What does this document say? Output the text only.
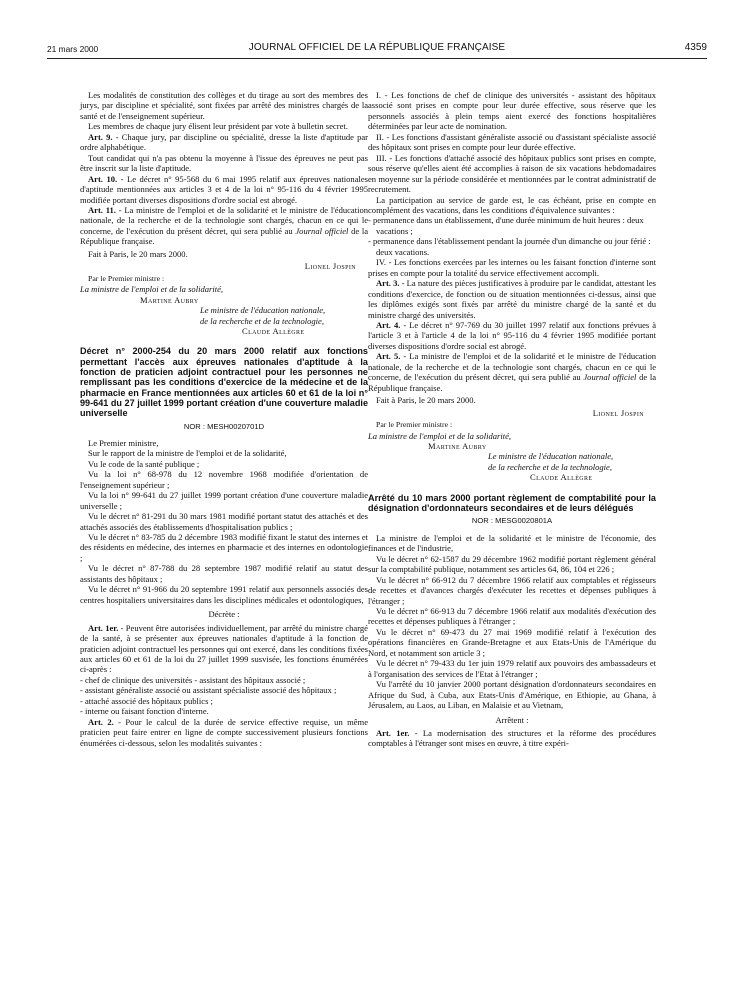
21 mars 2000	JOURNAL OFFICIEL DE LA RÉPUBLIQUE FRANÇAISE	4359

Les modalités de constitution des collèges et du tirage au sort des membres des jurys, par discipline et spécialité, sont fixées par arrêté des ministres chargés de la santé et de l'enseignement supérieur.

Les membres de chaque jury élisent leur président par vote à bulletin secret.

Art. 9. - Chaque jury, par discipline ou spécialité, dresse la liste d'aptitude par ordre alphabétique.

Tout candidat qui n'a pas obtenu la moyenne à l'issue des épreuves ne peut pas être inscrit sur la liste d'aptitude.

Art. 10. - Le décret n° 95-568 du 6 mai 1995 relatif aux épreuves nationales d'aptitude mentionnées aux articles 3 et 4 de la loi n° 95-116 du 4 février 1995 modifiée portant diverses dispositions d'ordre social est abrogé.

Art. 11. - La ministre de l'emploi et de la solidarité et le ministre de l'éducation nationale, de la recherche et de la technologie sont chargés, chacun en ce qui le concerne, de l'exécution du présent décret, qui sera publié au Journal officiel de la République française.

Fait à Paris, le 20 mars 2000.

Lionel Jospin

Par le Premier ministre :

La ministre de l'emploi et de la solidarité,

Martine Aubry

Le ministre de l'éducation nationale,

de la recherche et de la technologie,

Claude Allègre

Décret n° 2000-254 du 20 mars 2000 relatif aux fonctions permettant l'accès aux épreuves nationales d'aptitude à la fonction de praticien adjoint contractuel pour les personnes ne remplissant pas les conditions d'exercice de la médecine et de la pharmacie en France mentionnées aux articles 60 et 61 de la loi n° 99-641 du 27 juillet 1999 portant création d'une couverture maladie universelle

NOR : MESH0020701D

Le Premier ministre,

Sur le rapport de la ministre de l'emploi et de la solidarité,

Vu le code de la santé publique ;

Vu la loi n° 68-978 du 12 novembre 1968 modifiée d'orientation de l'enseignement supérieur ;

Vu la loi n° 99-641 du 27 juillet 1999 portant création d'une couverture maladie universelle ;

Vu le décret n° 81-291 du 30 mars 1981 modifié portant statut des attachés et des attachés associés des établissements d'hospitalisation publics ;

Vu le décret n° 83-785 du 2 décembre 1983 modifié fixant le statut des internes et des résidents en médecine, des internes en pharmacie et des internes en odontologie ;

Vu le décret n° 87-788 du 28 septembre 1987 modifié relatif au statut des assistants des hôpitaux ;

Vu le décret n° 91-966 du 20 septembre 1991 relatif aux personnels associés des centres hospitaliers universitaires dans les disciplines médicales et odontologiques,

Décrète :

Art. 1er. - Peuvent être autorisées individuellement, par arrêté du ministre chargé de la santé, à se présenter aux épreuves nationales d'aptitude à la fonction de praticien adjoint contractuel les personnes qui ont exercé, dans les conditions fixées aux articles 60 et 61 de la loi du 27 juillet 1999 susvisée, les fonctions énumérées ci-après :

- chef de clinique des universités - assistant des hôpitaux associé ;

- assistant généraliste associé ou assistant spécialiste associé des hôpitaux ;

- attaché associé des hôpitaux publics ;

- interne ou faisant fonction d'interne.

Art. 2. - Pour le calcul de la durée de service effective requise, un même praticien peut faire entrer en ligne de compte successivement plusieurs fonctions énumérées ci-dessous, selon les modalités suivantes :

I. - Les fonctions de chef de clinique des universités - assistant des hôpitaux associé sont prises en compte pour leur durée effective, sous réserve que les personnels associés à plein temps aient exercé des fonctions hospitalières déterminées par leur acte de nomination.

II. - Les fonctions d'assistant généraliste associé ou d'assistant spécialiste associé des hôpitaux sont prises en compte pour leur durée effective.

III. - Les fonctions d'attaché associé des hôpitaux publics sont prises en compte, sous réserve qu'elles aient été accomplies à raison de six vacations hebdomadaires en moyenne sur la période considérée et mentionnées par le contrat administratif de recrutement.

La participation au service de garde est, le cas échéant, prise en compte en complément des vacations, dans les conditions d'équivalence suivantes :

- permanence dans un établissement, d'une durée minimum de huit heures : deux vacations ;

- permanence dans l'établissement pendant la journée d'un dimanche ou jour férié : deux vacations.

IV. - Les fonctions exercées par les internes ou les faisant fonction d'interne sont prises en compte pour la totalité du service effectivement accompli.

Art. 3. - La nature des pièces justificatives à produire par le candidat, attestant les conditions d'exercice, de fonction ou de situation mentionnées ci-dessus, ainsi que les diplômes exigés sont fixés par arrêté du ministre chargé de la santé et du ministre chargé des universités.

Art. 4. - Le décret n° 97-769 du 30 juillet 1997 relatif aux fonctions prévues à l'article 3 et à l'article 4 de la loi n° 95-116 du 4 février 1995 modifiée portant diverses dispositions d'ordre social est abrogé.

Art. 5. - La ministre de l'emploi et de la solidarité et le ministre de l'éducation nationale, de la recherche et de la technologie sont chargés, chacun en ce qui le concerne, de l'exécution du présent décret, qui sera publié au Journal officiel de la République française.

Fait à Paris, le 20 mars 2000.

Lionel Jospin

Par le Premier ministre :

La ministre de l'emploi et de la solidarité,

Martine Aubry

Le ministre de l'éducation nationale,

de la recherche et de la technologie,

Claude Allègre

Arrêté du 10 mars 2000 portant règlement de comptabilité pour la désignation d'ordonnateurs secondaires et de leurs délégués

NOR : MESG0020801A

La ministre de l'emploi et de la solidarité et le ministre de l'économie, des finances et de l'industrie,

Vu le décret n° 62-1587 du 29 décembre 1962 modifié portant règlement général sur la comptabilité publique, notamment ses articles 64, 86, 104 et 226 ;

Vu le décret n° 66-912 du 7 décembre 1966 relatif aux comptables et régisseurs de recettes et d'avances chargés d'exécuter les recettes et dépenses publiques à l'étranger ;

Vu le décret n° 66-913 du 7 décembre 1966 relatif aux modalités d'exécution des recettes et dépenses publiques à l'étranger ;

Vu le décret n° 69-473 du 27 mai 1969 modifié relatif à l'exécution des opérations financières en Grande-Bretagne et aux Etats-Unis de l'Amérique du Nord, et notamment son article 3 ;

Vu le décret n° 79-433 du 1er juin 1979 relatif aux pouvoirs des ambassadeurs et à l'organisation des services de l'Etat à l'étranger ;

Vu l'arrêté du 10 janvier 2000 portant désignation d'ordonnateurs secondaires en Afrique du Sud, à Cuba, aux Etats-Unis d'Amérique, en Ethiopie, au Ghana, à Jérusalem, au Laos, au Liban, en Malaisie et au Vietnam,

Arrêtent :

Art. 1er. - La modernisation des structures et la réforme des procédures comptables à l'étranger sont mises en œuvre, à titre expéri-
